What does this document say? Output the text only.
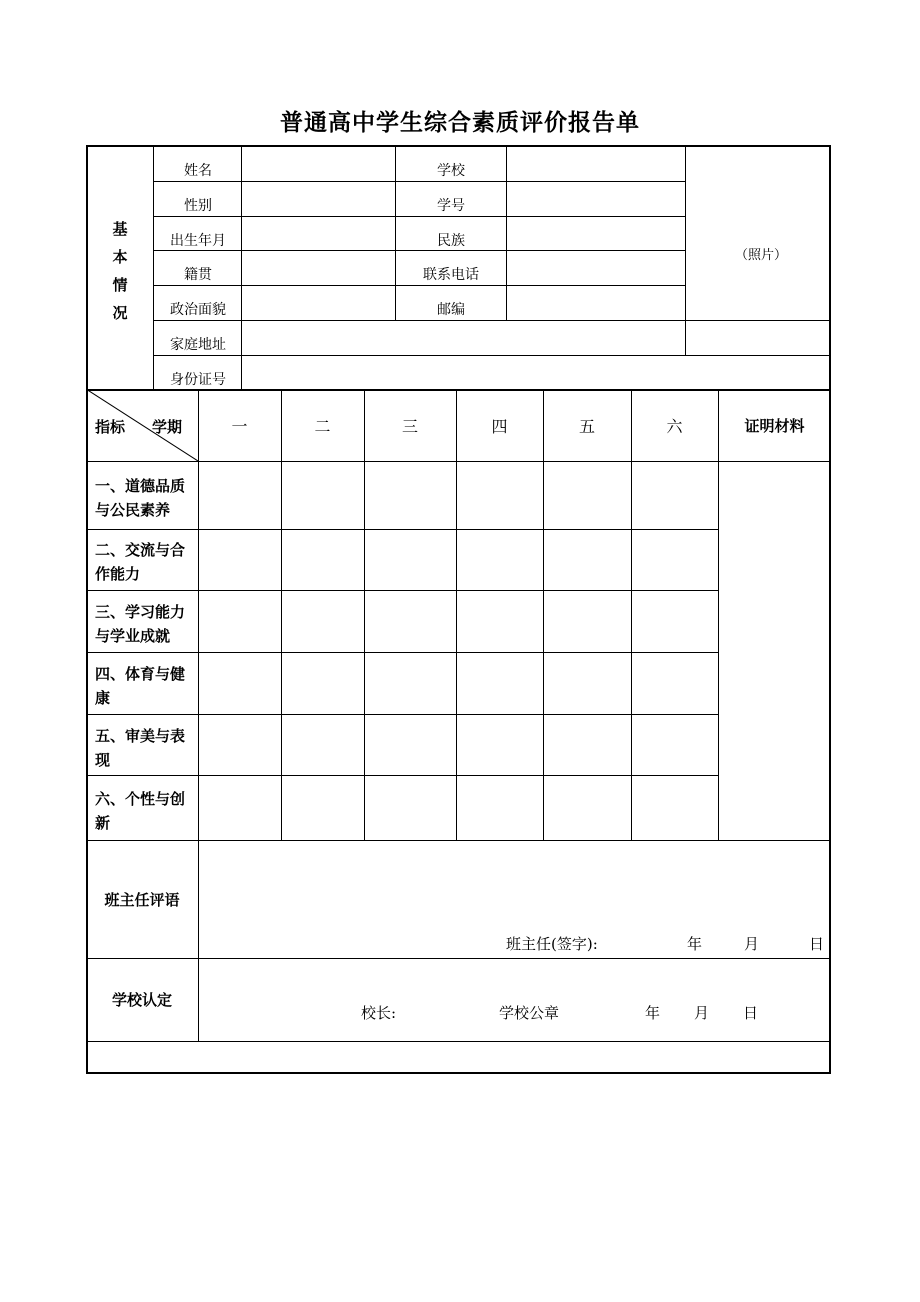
普通高中学生综合素质评价报告单
基
本
情
况
姓名	学校
性别	学号
出生年月	民族
籍贯	联系电话
政治面貌	邮编
家庭地址
身份证号
（照片）
指标 学期	一	二	三	四	五	六	证明材料
一、道德品质与公民素养
二、交流与合作能力
三、学习能力与学业成就
四、体育与健康
五、审美与表现
六、个性与创新
班主任评语
班主任(签字):	年	月	日
学校认定
校长:	学校公章	年 月 日
